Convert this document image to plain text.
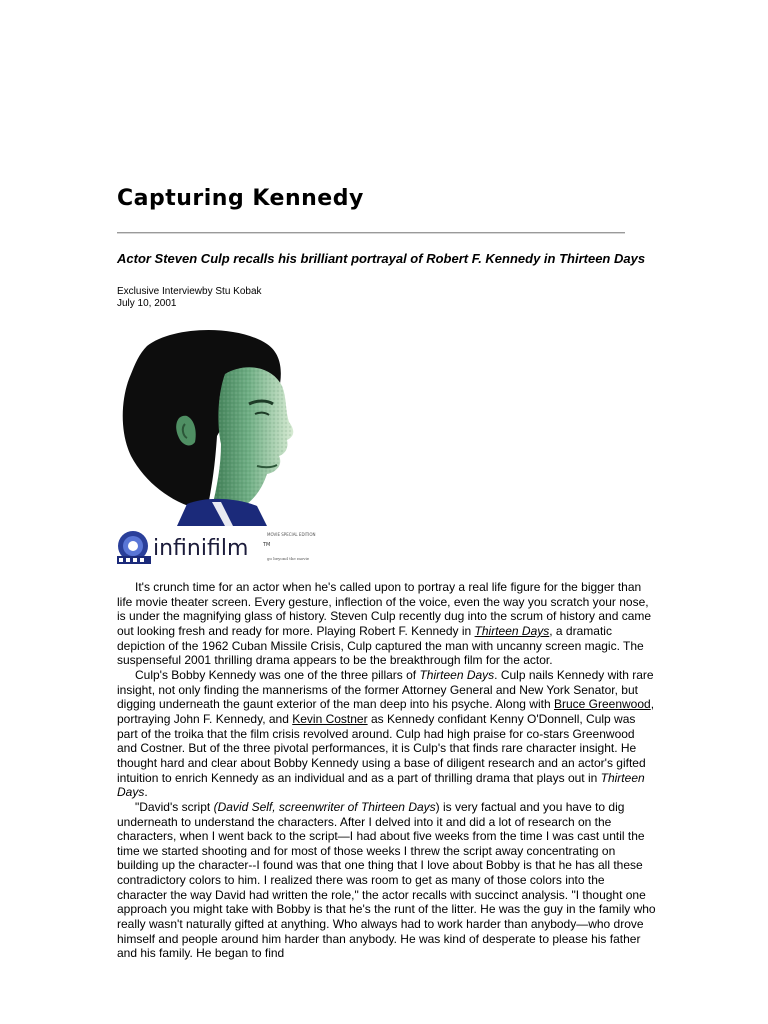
Capturing Kennedy
Actor Steven Culp recalls his brilliant portrayal of Robert F. Kennedy in Thirteen Days
Exclusive Interviewby Stu Kobak
July 10, 2001
infinifilm	TM
MOVIE SPECIAL EDITION
go beyond the movie

It's crunch time for an actor when he's called upon to portray a real life figure for the bigger than life movie theater screen. Every gesture, inflection of the voice, even the way you scratch your nose, is under the magnifying glass of history. Steven Culp recently dug into the scrum of history and came out looking fresh and ready for more. Playing Robert F. Kennedy in Thirteen Days, a dramatic depiction of the 1962 Cuban Missile Crisis, Culp captured the man with uncanny screen magic. The suspenseful 2001 thrilling drama appears to be the breakthrough film for the actor.

Culp's Bobby Kennedy was one of the three pillars of Thirteen Days. Culp nails Kennedy with rare insight, not only finding the mannerisms of the former Attorney General and New York Senator, but digging underneath the gaunt exterior of the man deep into his psyche. Along with Bruce Greenwood, portraying John F. Kennedy, and Kevin Costner as Kennedy confidant Kenny O'Donnell, Culp was part of the troika that the film crisis revolved around. Culp had high praise for co-stars Greenwood and Costner. But of the three pivotal performances, it is Culp's that finds rare character insight. He thought hard and clear about Bobby Kennedy using a base of diligent research and an actor's gifted intuition to enrich Kennedy as an individual and as a part of thrilling drama that plays out in Thirteen Days.

"David's script (David Self, screenwriter of Thirteen Days) is very factual and you have to dig underneath to understand the characters. After I delved into it and did a lot of research on the characters, when I went back to the script—I had about five weeks from the time I was cast until the time we started shooting and for most of those weeks I threw the script away concentrating on building up the character--I found was that one thing that I love about Bobby is that he has all these contradictory colors to him. I realized there was room to get as many of those colors into the character the way David had written the role," the actor recalls with succinct analysis. "I thought one approach you might take with Bobby is that he's the runt of the litter. He was the guy in the family who really wasn't naturally gifted at anything. Who always had to work harder than anybody—who drove himself and people around him harder than anybody. He was kind of desperate to please his father and his family. He began to find
